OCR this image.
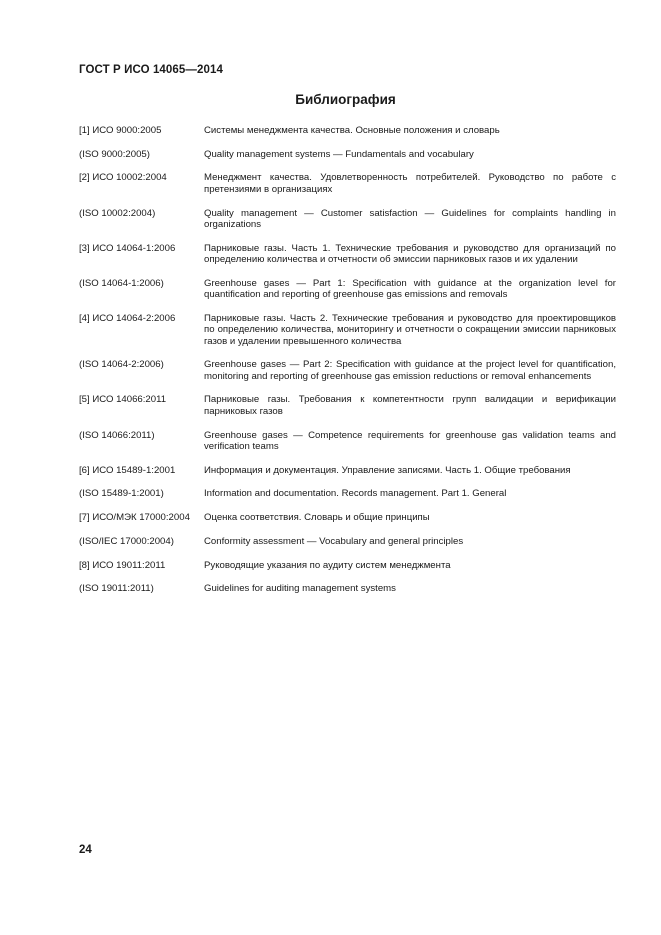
ГОСТ Р ИСО 14065—2014
Библиография
[1] ИСО 9000:2005	Системы менеджмента качества. Основные положения и словарь
(ISO 9000:2005)	Quality management systems — Fundamentals and vocabulary
[2] ИСО 10002:2004	Менеджмент качества. Удовлетворенность потребителей. Руководство по работе с претензиями в организациях
(ISO 10002:2004)	Quality management — Customer satisfaction — Guidelines for complaints handling in organizations
[3] ИСО 14064-1:2006	Парниковые газы. Часть 1. Технические требования и руководство для организаций по определению количества и отчетности об эмиссии парниковых газов и их удалении
(ISO 14064-1:2006)	Greenhouse gases — Part 1: Specification with guidance at the organization level for quantification and reporting of greenhouse gas emissions and removals
[4] ИСО 14064-2:2006	Парниковые газы. Часть 2. Технические требования и руководство для проектировщиков по определению количества, мониторингу и отчетности о сокращении эмиссии парниковых газов и удалении превышенного количества
(ISO 14064-2:2006)	Greenhouse gases — Part 2: Specification with guidance at the project level for quantification, monitoring and reporting of greenhouse gas emission reductions or removal enhancements
[5] ИСО 14066:2011	Парниковые газы. Требования к компетентности групп валидации и верификации парниковых газов
(ISO 14066:2011)	Greenhouse gases — Competence requirements for greenhouse gas validation teams and verification teams
[6] ИСО 15489-1:2001	Информация и документация. Управление записями. Часть 1. Общие требования
(ISO 15489-1:2001)	Information and documentation. Records management. Part 1. General
[7] ИСО/МЭК 17000:2004	Оценка соответствия. Словарь и общие принципы
(ISO/IEC 17000:2004)	Conformity assessment — Vocabulary and general principles
[8] ИСО 19011:2011	Руководящие указания по аудиту систем менеджмента
(ISO 19011:2011)	Guidelines for auditing management systems
24
